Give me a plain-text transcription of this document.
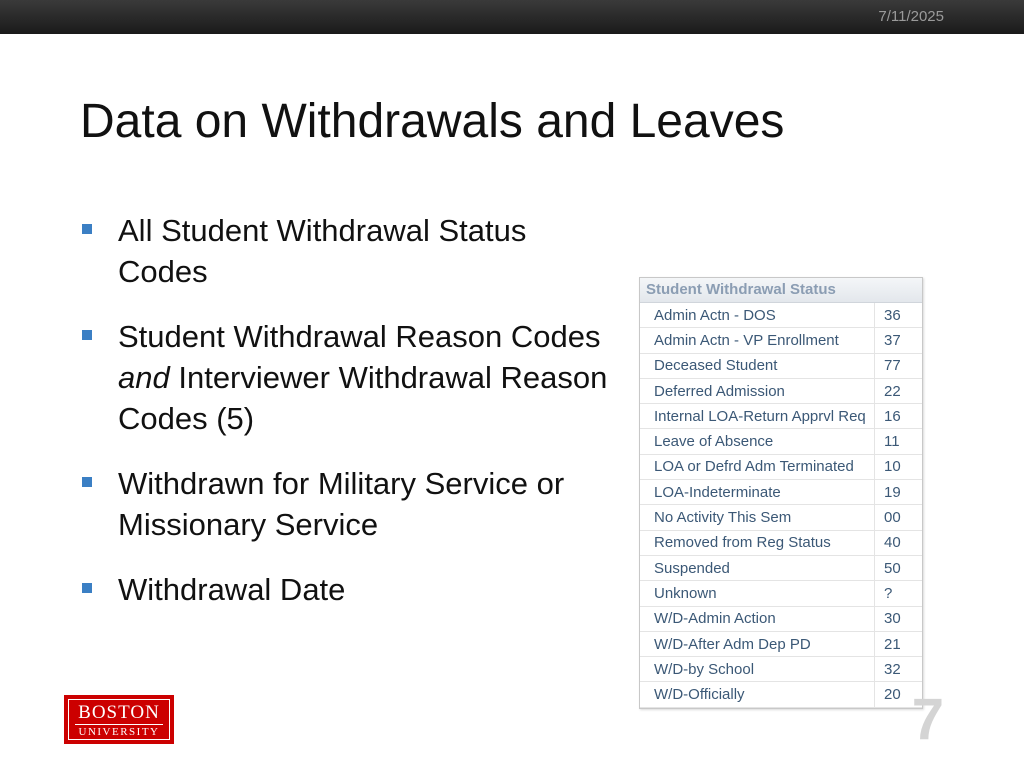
7/11/2025
Data on Withdrawals and Leaves
All Student Withdrawal Status Codes
Student Withdrawal Reason Codes and Interviewer Withdrawal Reason Codes (5)
Withdrawn for Military Service or Missionary Service
Withdrawal Date
Student Withdrawal Status
Admin Actn - DOS	36
Admin Actn - VP Enrollment	37
Deceased Student	77
Deferred Admission	22
Internal LOA-Return Apprvl Req	16
Leave of Absence	11
LOA or Defrd Adm Terminated	10
LOA-Indeterminate	19
No Activity This Sem	00
Removed from Reg Status	40
Suspended	50
Unknown	?
W/D-Admin Action	30
W/D-After Adm Dep PD	21
W/D-by School	32
W/D-Officially	20
BOSTON
UNIVERSITY	7
